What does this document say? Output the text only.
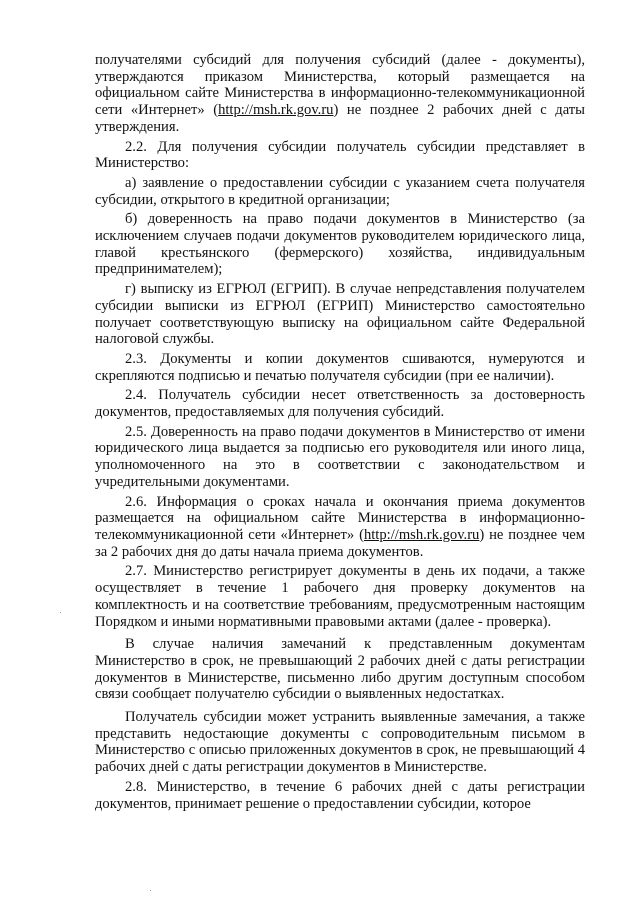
получателями субсидий для получения субсидий (далее - документы), утверждаются приказом Министерства, который размещается на официальном сайте Министерства в информационно-телекоммуникационной сети «Интернет» (http://msh.rk.gov.ru) не позднее 2 рабочих дней с даты утверждения.

2.2. Для получения субсидии получатель субсидии представляет в Министерство:

а) заявление о предоставлении субсидии с указанием счета получателя субсидии, открытого в кредитной организации;

б) доверенность на право подачи документов в Министерство (за исключением случаев подачи документов руководителем юридического лица, главой крестьянского (фермерского) хозяйства, индивидуальным предпринимателем);

г) выписку из ЕГРЮЛ (ЕГРИП). В случае непредставления получателем субсидии выписки из ЕГРЮЛ (ЕГРИП) Министерство самостоятельно получает соответствующую выписку на официальном сайте Федеральной налоговой службы.

2.3. Документы и копии документов сшиваются, нумеруются и скрепляются подписью и печатью получателя субсидии (при ее наличии).

2.4. Получатель субсидии несет ответственность за достоверность документов, предоставляемых для получения субсидий.

2.5. Доверенность на право подачи документов в Министерство от имени юридического лица выдается за подписью его руководителя или иного лица, уполномоченного на это в соответствии с законодательством и учредительными документами.

2.6. Информация о сроках начала и окончания приема документов размещается на официальном сайте Министерства в информационно-телекоммуникационной сети «Интернет» (http://msh.rk.gov.ru) не позднее чем за 2 рабочих дня до даты начала приема документов.

2.7. Министерство регистрирует документы в день их подачи, а также осуществляет в течение 1 рабочего дня проверку документов на комплектность и на соответствие требованиям, предусмотренным настоящим Порядком и иными нормативными правовыми актами (далее - проверка).

В случае наличия замечаний к представленным документам Министерство в срок, не превышающий 2 рабочих дней с даты регистрации документов в Министерстве, письменно либо другим доступным способом связи сообщает получателю субсидии о выявленных недостатках.

Получатель субсидии может устранить выявленные замечания, а также представить недостающие документы с сопроводительным письмом в Министерство с описью приложенных документов в срок, не превышающий 4 рабочих дней с даты регистрации документов в Министерстве.

2.8. Министерство, в течение 6 рабочих дней с даты регистрации документов, принимает решение о предоставлении субсидии, которое
